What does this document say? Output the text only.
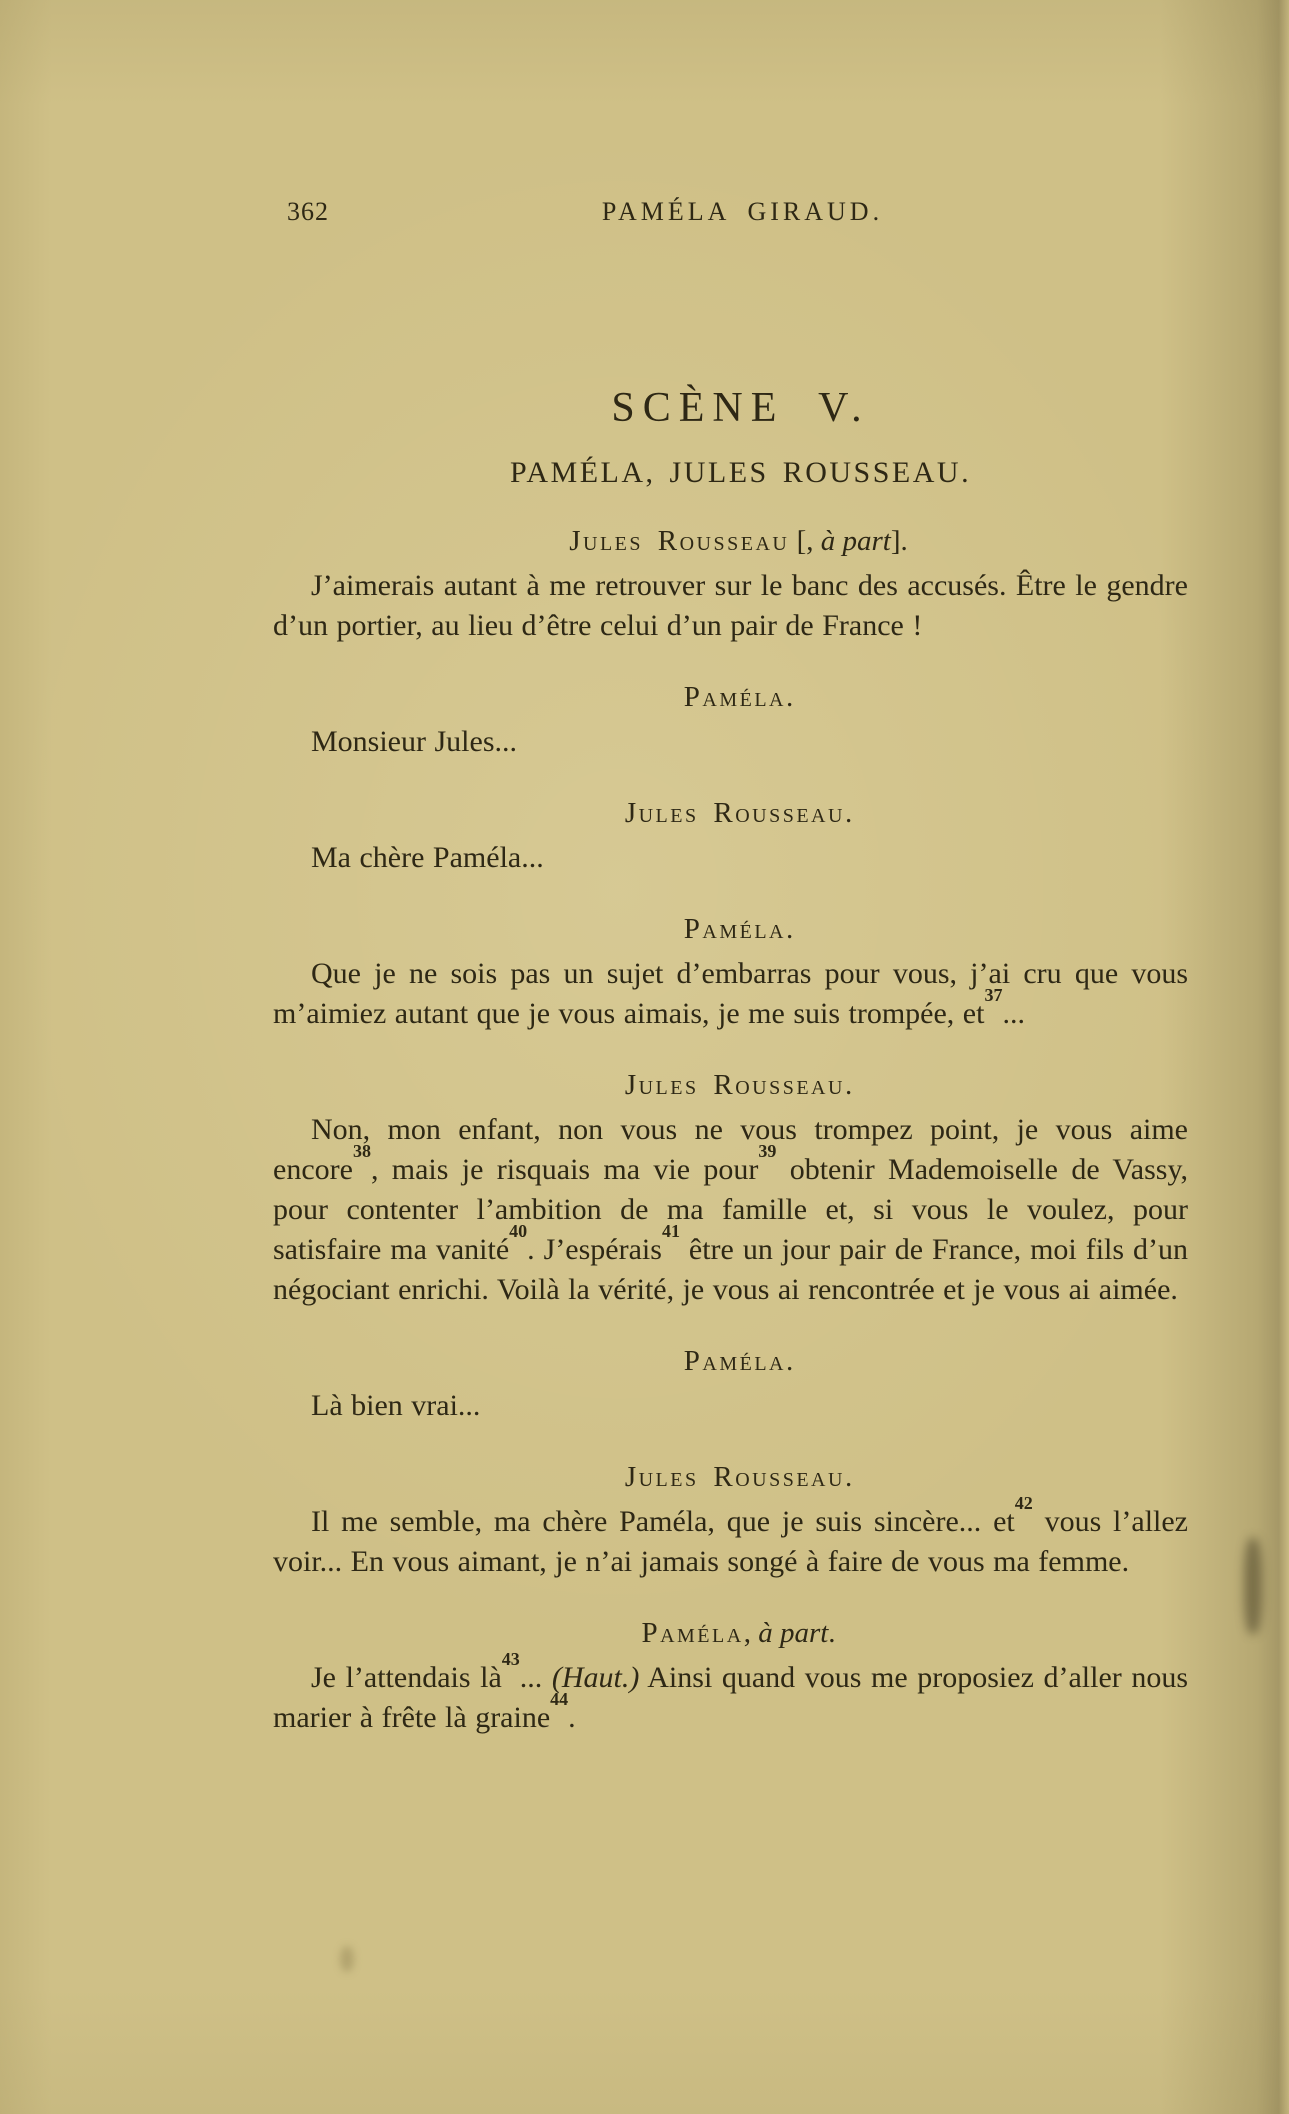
362	PAMÉLA GIRAUD.
SCÈNE V.
PAMÉLA, JULES ROUSSEAU.
Jules Rousseau [, à part].

J’aimerais autant à me retrouver sur le banc des accusés. Être le gendre d’un portier, au lieu d’être celui d’un pair de France !

Paméla.

Monsieur Jules...

Jules Rousseau.

Ma chère Paméla...

Paméla.

Que je ne sois pas un sujet d’embarras pour vous, j’ai cru que vous m’aimiez autant que je vous aimais, je me suis trompée, $et^{37}$...

Jules Rousseau.

Non, mon enfant, non vous ne vous trompez point, je vous aime encore$^{38}$, mais je risquais ma vie pour$^{39}$ obtenir Mademoiselle de Vassy, pour contenter l’ambition de ma famille et, si vous le voulez, pour satisfaire ma vanité$^{40}$. J’espérais$^{41}$ être un jour pair de France, moi fils d’un négociant enrichi. Voilà la vérité, je vous ai rencontrée et je vous ai aimée.

Paméla.

Là bien vrai...

Jules Rousseau.

Il me semble, ma chère Paméla, que je suis sincère... $et^{42}$ vous l’allez voir... En vous aimant, je n’ai jamais songé à faire de vous ma femme.

Paméla, à part.

Je l’attendais $là^{43}$... (Haut.) Ainsi quand vous me proposiez d’aller nous marier à frête là graine$^{44}$.
